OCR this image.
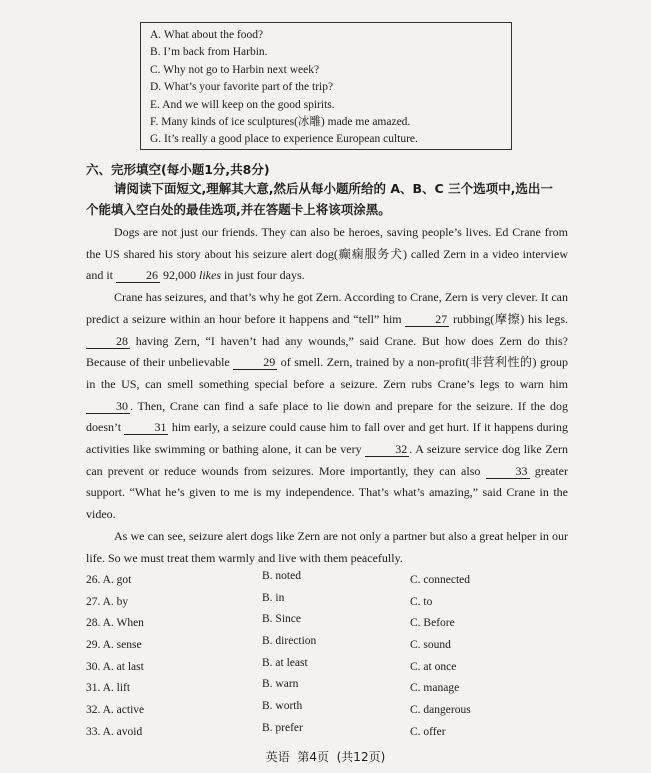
A. What about the food?
B. I’m back from Harbin.
C. Why not go to Harbin next week?
D. What’s your favorite part of the trip?
E. And we will keep on the good spirits.
F. Many kinds of ice sculptures(冰雕) made me amazed.
G. It’s really a good place to experience European culture.
六、完形填空(每小题1分,共8分)
请阅读下面短文,理解其大意,然后从每小题所给的 A、B、C 三个选项中,选出一
个能填入空白处的最佳选项,并在答题卡上将该项涂黑。

Dogs are not just our friends. They can also be heroes, saving people’s lives. Ed Crane from the US shared his story about his seizure alert dog(癫痫服务犬) called Zern in a video interview and it	26 92,000 likes in just four days.

Crane has seizures, and that’s why he got Zern. According to Crane, Zern is very clever. It can predict a seizure within an hour before it happens and “tell” him	27 rubbing(摩擦) his legs. 28 having Zern, “I haven’t had any wounds,” said Crane. But how does Zern do this? Because of their unbelievable	29 of smell. Zern, trained by a non-profit(非营利性的) group in the US, can smell something special before a seizure. Zern rubs Crane’s legs to warn him 30 . Then, Crane can find a safe place to lie down and prepare for the seizure. If the dog doesn’t	31 him early, a seizure could cause him to fall over and get hurt. If it happens during activities like swimming or bathing alone, it can be very	32 . A seizure service dog like Zern can prevent or reduce wounds from seizures. More importantly, they can also	33 greater support. “What he’s given to me is my independence. That’s what’s amazing,” said Crane in the video.

As we can see, seizure alert dogs like Zern are not only a partner but also a great helper in our life. So we must treat them warmly and live with them peacefully.

26. A. got	B. noted	C. connected
27. A. by	B. in	C. to
28. A. When	B. Since	C. Before
29. A. sense	B. direction	C. sound
30. A. at last	B. at least	C. at once
31. A. lift	B. warn	C. manage
32. A. active	B. worth	C. dangerous
33. A. avoid	B. prefer	C. offer
英语  第4页  (共12页)
